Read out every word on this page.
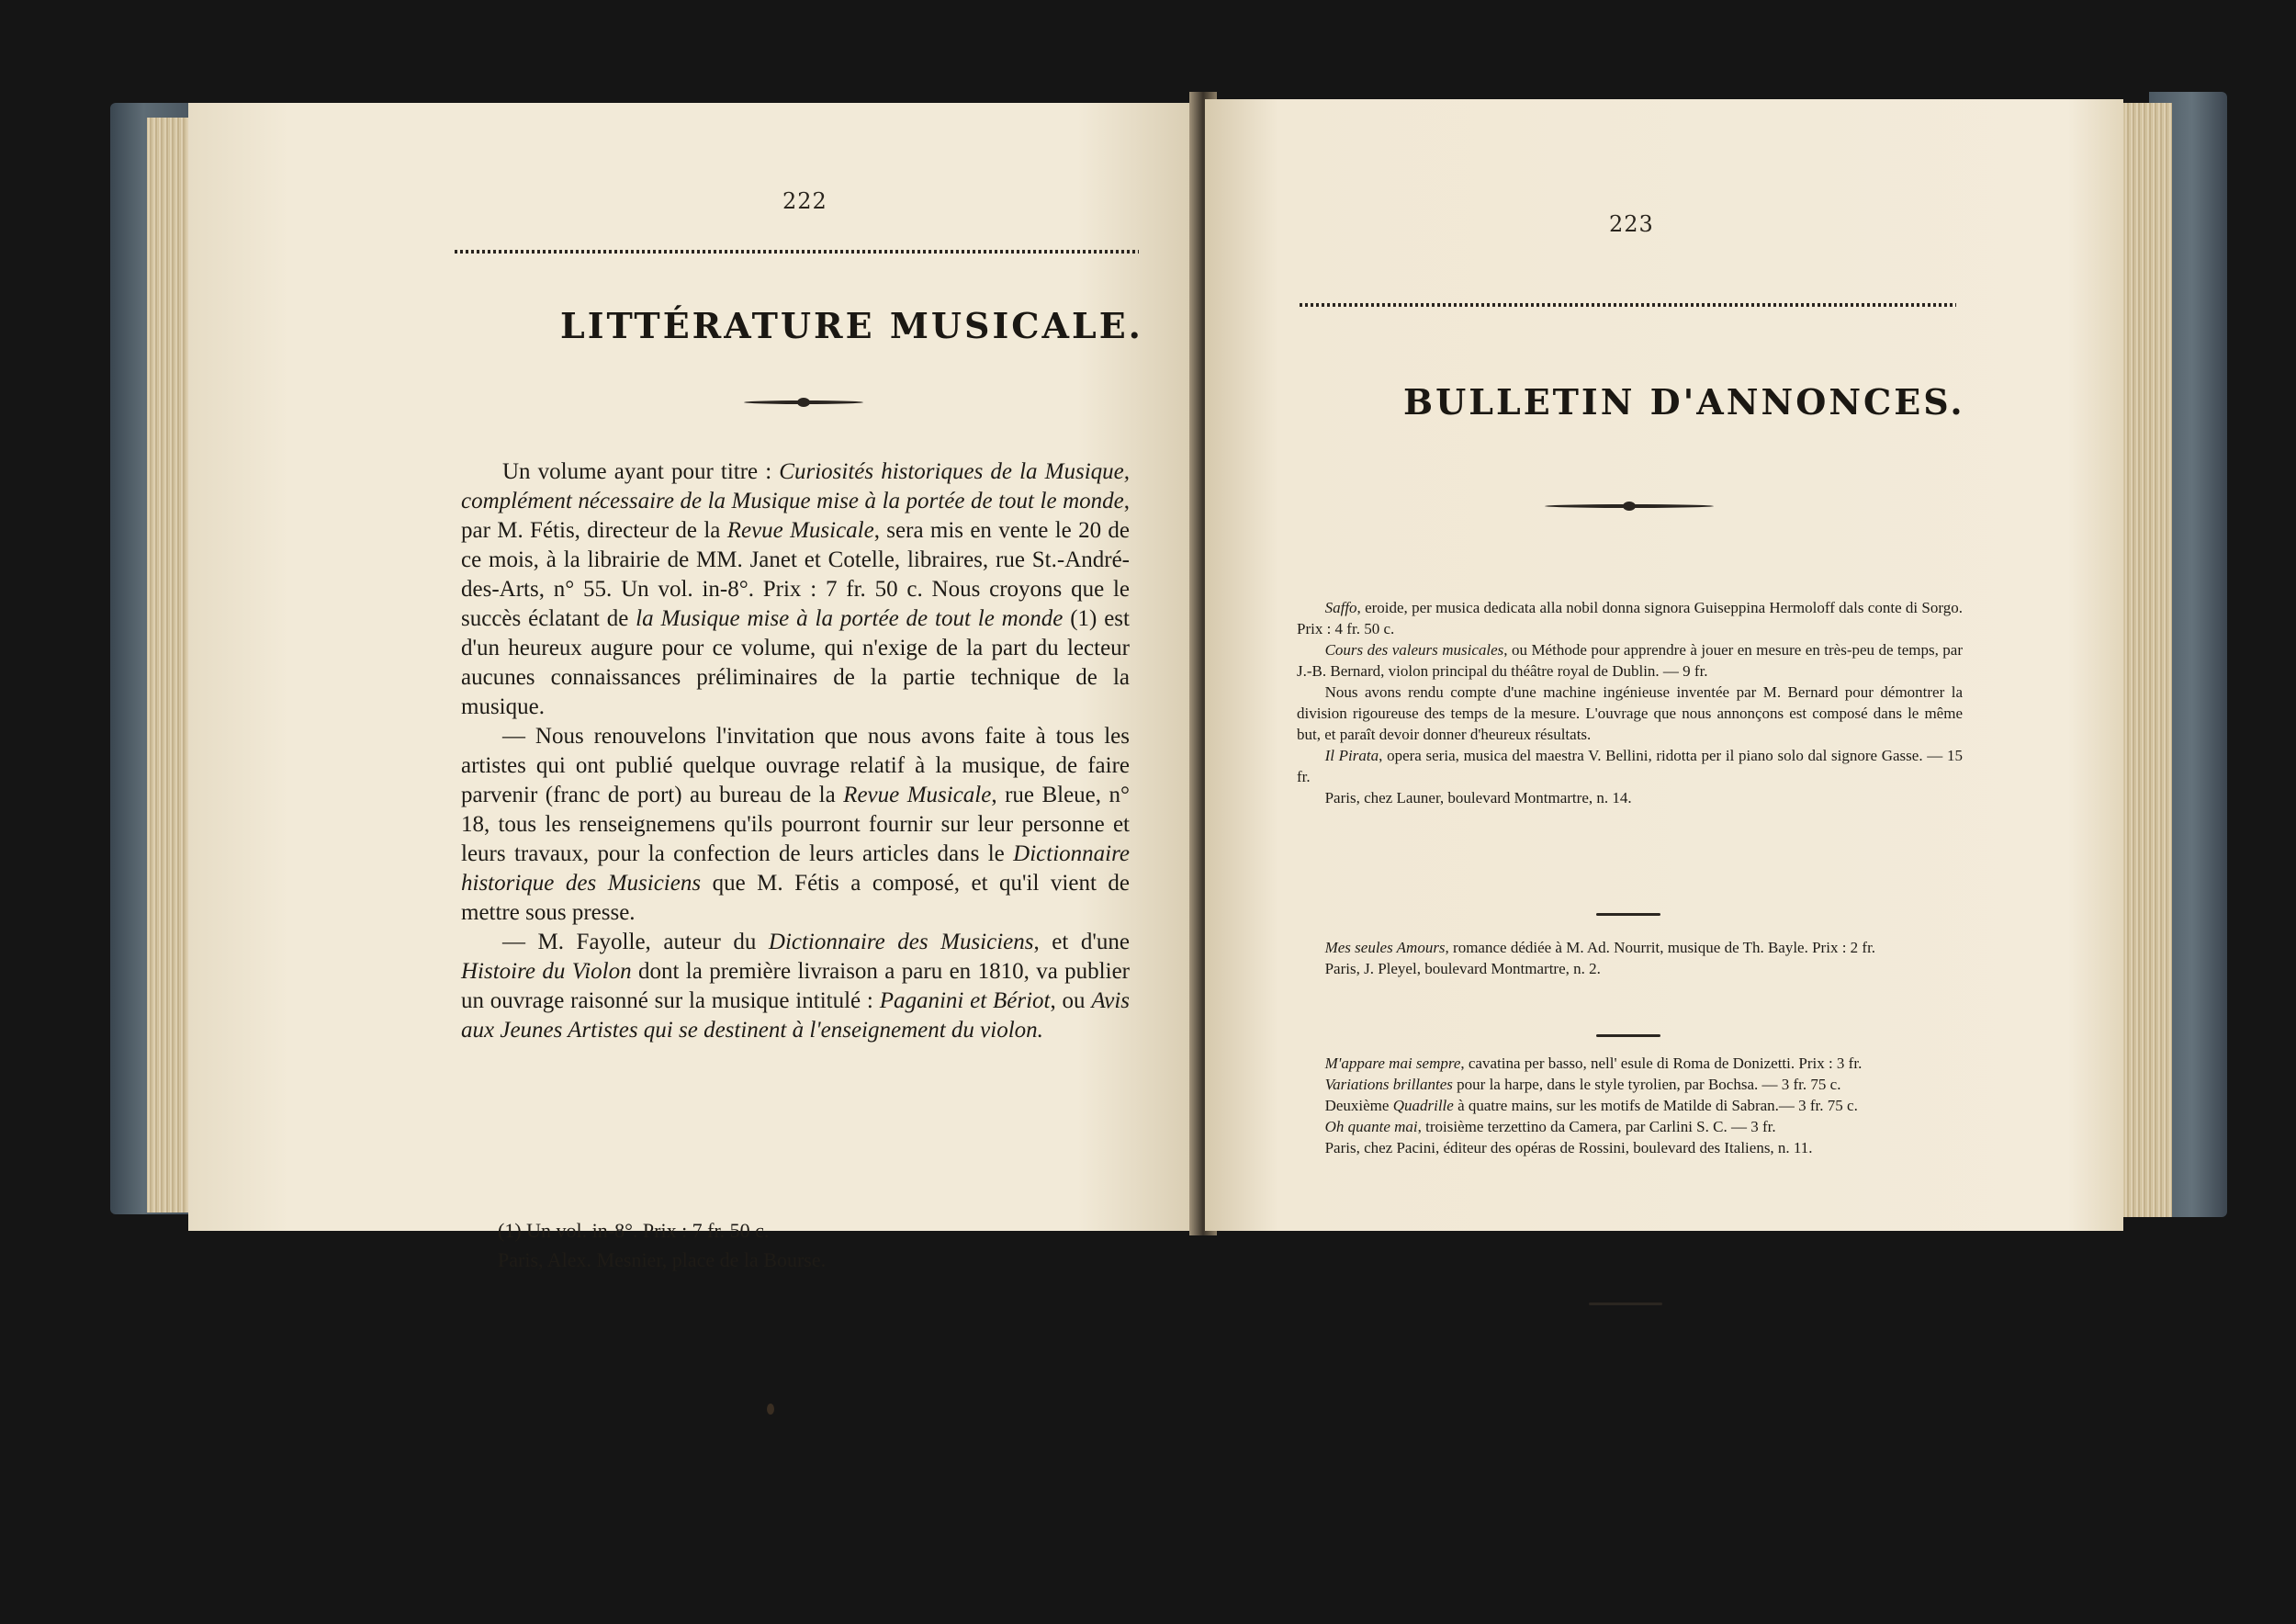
222
LITTÉRATURE MUSICALE.

Un volume ayant pour titre : Curiosités historiques de la Musique, complément nécessaire de la Musique mise à la portée de tout le monde, par M. Fétis, directeur de la Revue Musicale, sera mis en vente le 20 de ce mois, à la librairie de MM. Janet et Cotelle, libraires, rue St.-André-des-Arts, n° 55. Un vol. in-8°. Prix : 7 fr. 50 c. Nous croyons que le succès éclatant de la Musique mise à la portée de tout le monde (1) est d'un heureux augure pour ce volume, qui n'exige de la part du lecteur aucunes connaissances préliminaires de la partie technique de la musique.

— Nous renouvelons l'invitation que nous avons faite à tous les artistes qui ont publié quelque ouvrage relatif à la musique, de faire parvenir (franc de port) au bureau de la Revue Musicale, rue Bleue, n° 18, tous les renseignemens qu'ils pourront fournir sur leur personne et leurs travaux, pour la confection de leurs articles dans le Dictionnaire historique des Musiciens que M. Fétis a composé, et qu'il vient de mettre sous presse.

— M. Fayolle, auteur du Dictionnaire des Musiciens, et d'une Histoire du Violon dont la première livraison a paru en 1810, va publier un ouvrage raisonné sur la musique intitulé : Paganini et Bériot, ou Avis aux Jeunes Artistes qui se destinent à l'enseignement du violon.

(1) Un vol. in-8°. Prix : 7 fr. 50 c.
Paris, Alex. Mesnier, place de la Bourse.
223
BULLETIN D'ANNONCES.

Saffo, eroide, per musica dedicata alla nobil donna signora Guiseppina Hermoloff dals conte di Sorgo. Prix : 4 fr. 50 c.

Cours des valeurs musicales, ou Méthode pour apprendre à jouer en mesure en très-peu de temps, par J.-B. Bernard, violon principal du théâtre royal de Dublin. — 9 fr.

Nous avons rendu compte d'une machine ingénieuse inventée par M. Bernard pour démontrer la division rigoureuse des temps de la mesure. L'ouvrage que nous annonçons est composé dans le même but, et paraît devoir donner d'heureux résultats.

Il Pirata, opera seria, musica del maestra V. Bellini, ridotta per il piano solo dal signore Gasse. — 15 fr.

Paris, chez Launer, boulevard Montmartre, n. 14.

Mes seules Amours, romance dédiée à M. Ad. Nourrit, musique de Th. Bayle. Prix : 2 fr.

Paris, J. Pleyel, boulevard Montmartre, n. 2.

M'appare mai sempre, cavatina per basso, nell' esule di Roma de Donizetti. Prix : 3 fr.

Variations brillantes pour la harpe, dans le style tyrolien, par Bochsa. — 3 fr. 75 c.

Deuxième Quadrille à quatre mains, sur les motifs de Matilde di Sabran.— 3 fr. 75 c.

Oh quante mai, troisième terzettino da Camera, par Carlini S. C. — 3 fr.

Paris, chez Pacini, éditeur des opéras de Rossini, boulevard des Italiens, n. 11.
